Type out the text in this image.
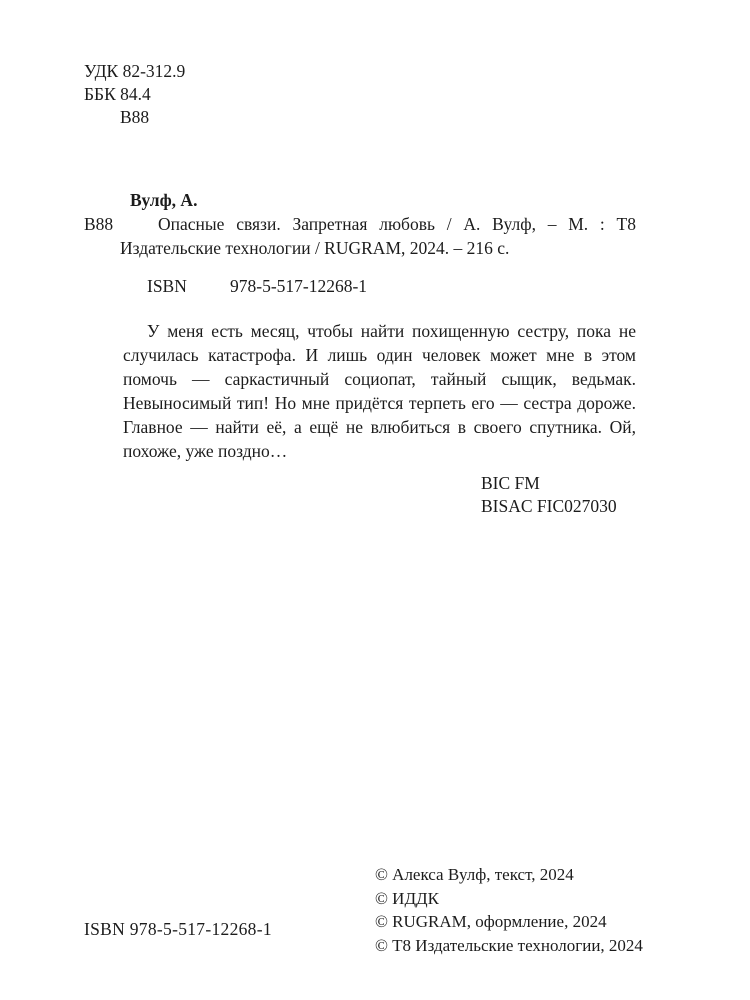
УДК 82-312.9
ББК 84.4
В88
Вулф, А.
В88	Опасные связи. Запретная любовь / А. Вулф, – М. : Т8
Издательские технологии / RUGRAM, 2024. – 216 с.
ISBN 978-5-517-12268-1
У меня есть месяц, чтобы найти похищенную сестру, пока не случилась катастрофа. И лишь один человек может мне в этом помочь — саркастичный социопат, тайный сыщик, ведьмак. Невыносимый тип! Но мне придётся терпеть его — сестра дороже. Главное — найти её, а ещё не влюбиться в своего спутника. Ой, похоже, уже поздно…
BIC FM
BISAC FIC027030
ISBN 978-5-517-12268-1
© Алекса Вулф, текст, 2024
© ИДДК
© RUGRAM, оформление, 2024
© Т8 Издательские технологии, 2024
